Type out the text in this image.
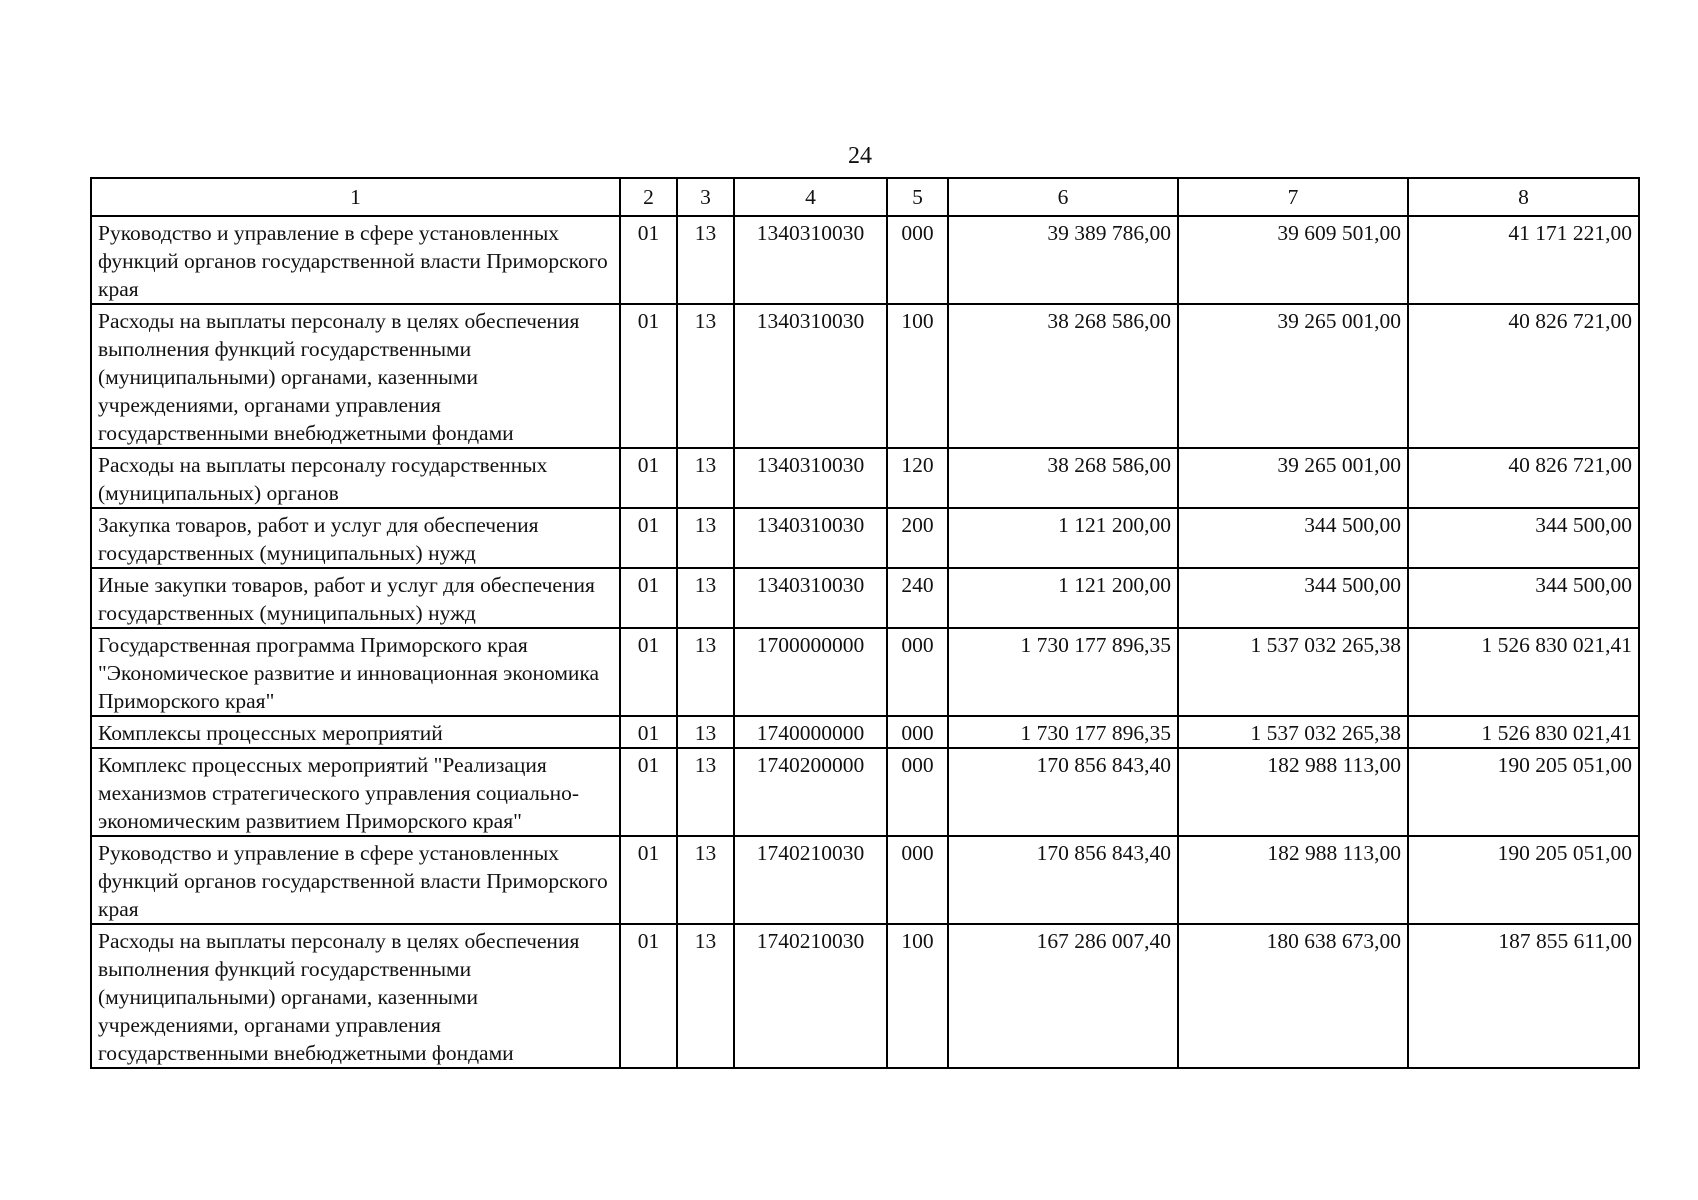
24
1	2	3	4	5	6	7	8
Руководство и управление в сфере установленных функций органов государственной власти Приморского края	01	13	1340310030	000	39 389 786,00	39 609 501,00	41 171 221,00
Расходы на выплаты персоналу в целях обеспечения выполнения функций государственными (муниципальными) органами, казенными учреждениями, органами управления государственными внебюджетными фондами	01	13	1340310030	100	38 268 586,00	39 265 001,00	40 826 721,00
Расходы на выплаты персоналу государственных (муниципальных) органов	01	13	1340310030	120	38 268 586,00	39 265 001,00	40 826 721,00
Закупка товаров, работ и услуг для обеспечения государственных (муниципальных) нужд	01	13	1340310030	200	1 121 200,00	344 500,00	344 500,00
Иные закупки товаров, работ и услуг для обеспечения государственных (муниципальных) нужд	01	13	1340310030	240	1 121 200,00	344 500,00	344 500,00
Государственная программа Приморского края "Экономическое развитие и инновационная экономика Приморского края"	01	13	1700000000	000	1 730 177 896,35	1 537 032 265,38	1 526 830 021,41
Комплексы процессных мероприятий	01	13	1740000000	000	1 730 177 896,35	1 537 032 265,38	1 526 830 021,41
Комплекс процессных мероприятий "Реализация механизмов стратегического управления социально-экономическим развитием Приморского края"	01	13	1740200000	000	170 856 843,40	182 988 113,00	190 205 051,00
Руководство и управление в сфере установленных функций органов государственной власти Приморского края	01	13	1740210030	000	170 856 843,40	182 988 113,00	190 205 051,00
Расходы на выплаты персоналу в целях обеспечения выполнения функций государственными (муниципальными) органами, казенными учреждениями, органами управления государственными внебюджетными фондами	01	13	1740210030	100	167 286 007,40	180 638 673,00	187 855 611,00
